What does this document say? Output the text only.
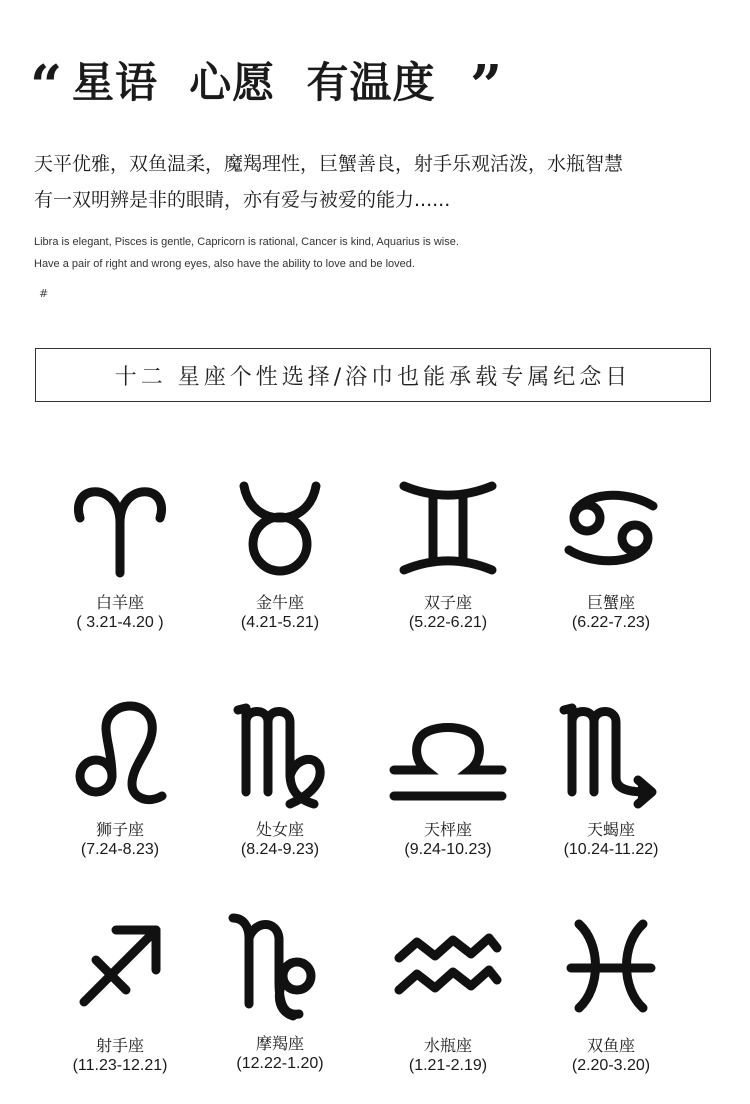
“ 星语  心愿  有温度 ”
天平优雅，双鱼温柔，魔羯理性，巨蟹善良，射手乐观活泼，水瓶智慧
有一双明辨是非的眼睛，亦有爱与被爱的能力......
Libra is elegant, Pisces is gentle, Capricorn is rational, Cancer is kind, Aquarius is wise.
Have a pair of right and wrong eyes, also have the ability to love and be loved.
#
十二 星座个性选择/浴巾也能承载专属纪念日
白羊座
( 3.21-4.20 )
金牛座
(4.21-5.21)
双子座
(5.22-6.21)
巨蟹座
(6.22-7.23)
狮子座
(7.24-8.23)
处女座
(8.24-9.23)
天枰座
(9.24-10.23)
天蝎座
(10.24-11.22)
射手座
(11.23-12.21)
摩羯座
(12.22-1.20)
水瓶座
(1.21-2.19)
双鱼座
(2.20-3.20)
